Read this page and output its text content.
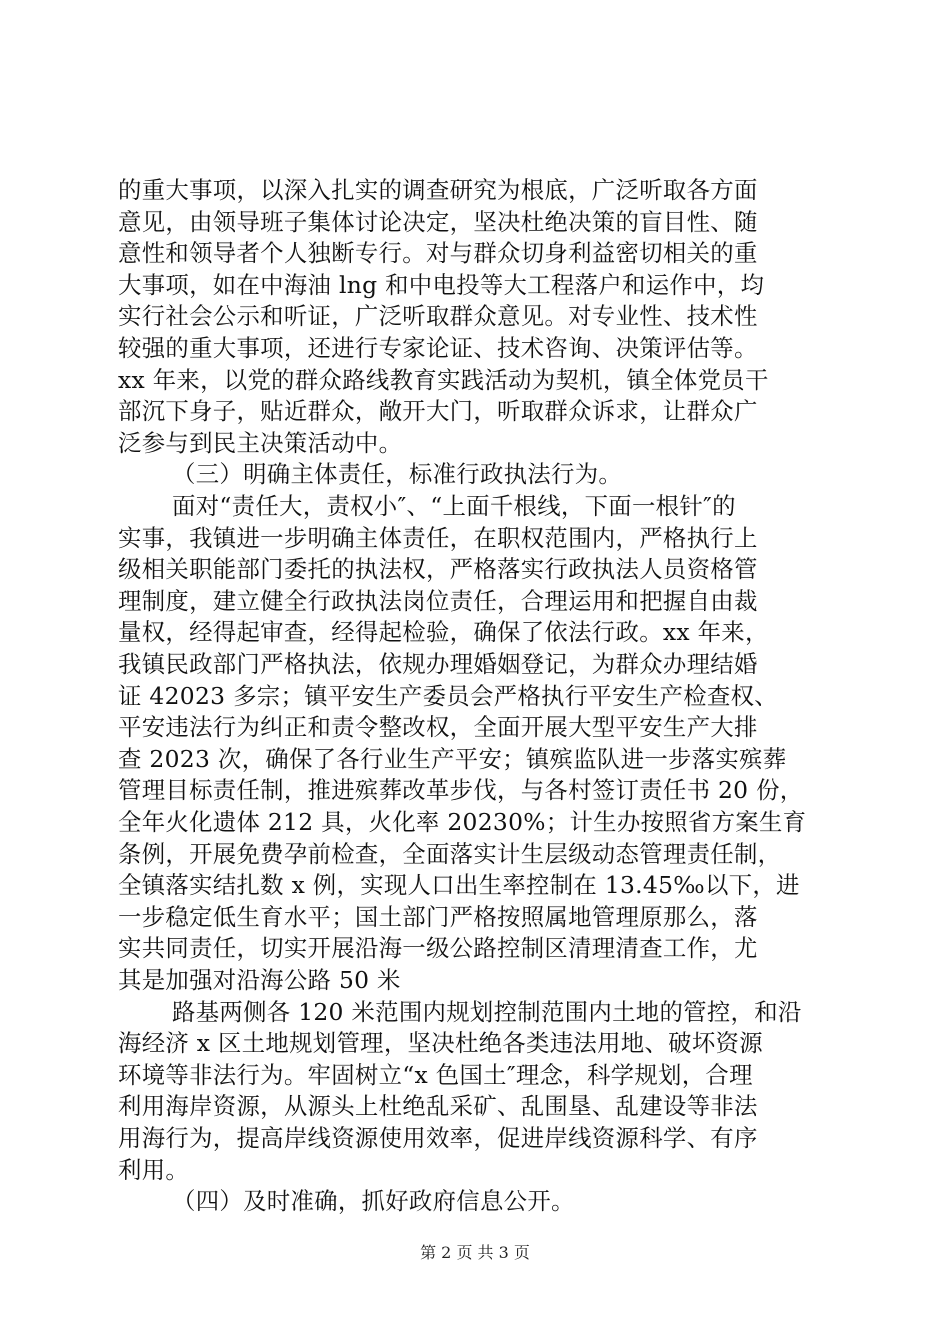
的重大事项，以深入扎实的调查研究为根底，广泛听取各方面
意见，由领导班子集体讨论决定，坚决杜绝决策的盲目性、随
意性和领导者个人独断专行。对与群众切身利益密切相关的重
大事项，如在中海油 lng 和中电投等大工程落户和运作中，均
实行社会公示和听证，广泛听取群众意见。对专业性、技术性
较强的重大事项，还进行专家论证、技术咨询、决策评估等。
xx 年来，以党的群众路线教育实践活动为契机，镇全体党员干
部沉下身子，贴近群众，敞开大门，听取群众诉求，让群众广
泛参与到民主决策活动中。
（三）明确主体责任，标准行政执法行为。
面对“责任大，责权小″、“上面千根线，下面一根针″的
实事，我镇进一步明确主体责任，在职权范围内，严格执行上
级相关职能部门委托的执法权，严格落实行政执法人员资格管
理制度，建立健全行政执法岗位责任，合理运用和把握自由裁
量权，经得起审查，经得起检验，确保了依法行政。xx 年来，
我镇民政部门严格执法，依规办理婚姻登记，为群众办理结婚
证 42023 多宗；镇平安生产委员会严格执行平安生产检查权、
平安违法行为纠正和责令整改权，全面开展大型平安生产大排
查 2023 次，确保了各行业生产平安；镇殡监队进一步落实殡葬
管理目标责任制，推进殡葬改革步伐，与各村签订责任书 20 份，
全年火化遗体 212 具，火化率 20230%；计生办按照省方案生育
条例，开展免费孕前检查，全面落实计生层级动态管理责任制，
全镇落实结扎数 x 例，实现人口出生率控制在 13.45‰以下，进
一步稳定低生育水平；国土部门严格按照属地管理原那么，落
实共同责任，切实开展沿海一级公路控制区清理清查工作，尤
其是加强对沿海公路 50 米
路基两侧各 120 米范围内规划控制范围内土地的管控，和沿
海经济 x 区土地规划管理，坚决杜绝各类违法用地、破坏资源
环境等非法行为。牢固树立“x 色国土″理念，科学规划，合理
利用海岸资源，从源头上杜绝乱采矿、乱围垦、乱建设等非法
用海行为，提高岸线资源使用效率，促进岸线资源科学、有序
利用。
（四）及时准确，抓好政府信息公开。
第 2 页 共 3 页
